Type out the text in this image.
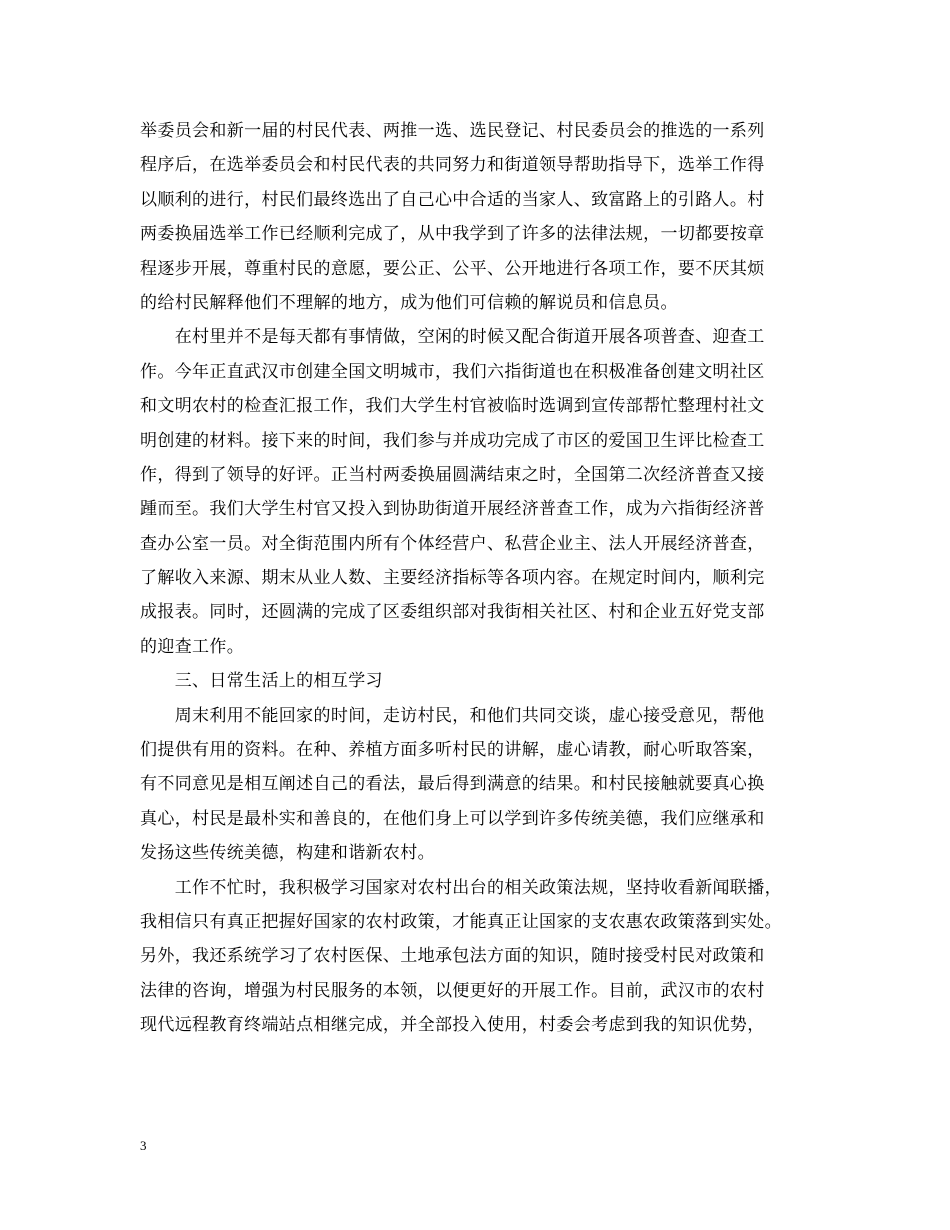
举委员会和新一届的村民代表、两推一选、选民登记、村民委员会的推选的一系列
程序后，在选举委员会和村民代表的共同努力和街道领导帮助指导下，选举工作得
以顺利的进行，村民们最终选出了自己心中合适的当家人、致富路上的引路人。村
两委换届选举工作已经顺利完成了，从中我学到了许多的法律法规，一切都要按章
程逐步开展，尊重村民的意愿，要公正、公平、公开地进行各项工作，要不厌其烦
的给村民解释他们不理解的地方，成为他们可信赖的解说员和信息员。
　　在村里并不是每天都有事情做，空闲的时候又配合街道开展各项普查、迎查工
作。今年正直武汉市创建全国文明城市，我们六指街道也在积极准备创建文明社区
和文明农村的检查汇报工作，我们大学生村官被临时选调到宣传部帮忙整理村社文
明创建的材料。接下来的时间，我们参与并成功完成了市区的爱国卫生评比检查工
作，得到了领导的好评。正当村两委换届圆满结束之时，全国第二次经济普查又接
踵而至。我们大学生村官又投入到协助街道开展经济普查工作，成为六指街经济普
查办公室一员。对全街范围内所有个体经营户、私营企业主、法人开展经济普查，
了解收入来源、期末从业人数、主要经济指标等各项内容。在规定时间内，顺利完
成报表。同时，还圆满的完成了区委组织部对我街相关社区、村和企业五好党支部
的迎查工作。
　　三、日常生活上的相互学习
　　周末利用不能回家的时间，走访村民，和他们共同交谈，虚心接受意见，帮他
们提供有用的资料。在种、养植方面多听村民的讲解，虚心请教，耐心听取答案，
有不同意见是相互阐述自己的看法，最后得到满意的结果。和村民接触就要真心换
真心，村民是最朴实和善良的，在他们身上可以学到许多传统美德，我们应继承和
发扬这些传统美德，构建和谐新农村。
　　工作不忙时，我积极学习国家对农村出台的相关政策法规，坚持收看新闻联播，
我相信只有真正把握好国家的农村政策，才能真正让国家的支农惠农政策落到实处。
另外，我还系统学习了农村医保、土地承包法方面的知识，随时接受村民对政策和
法律的咨询，增强为村民服务的本领，以便更好的开展工作。目前，武汉市的农村
现代远程教育终端站点相继完成，并全部投入使用，村委会考虑到我的知识优势，
3
